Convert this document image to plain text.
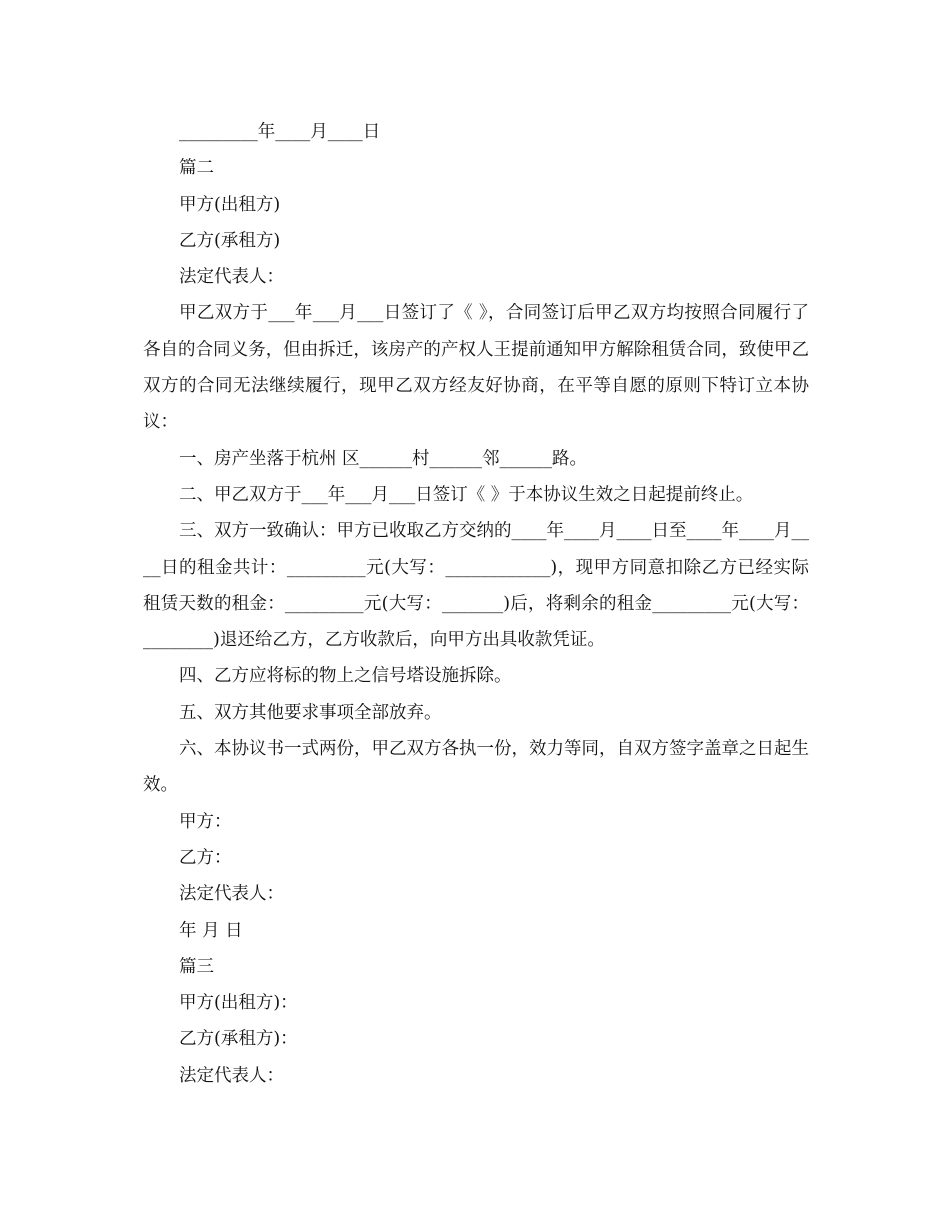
_________年____月____日

篇二

甲方(出租方)

乙方(承租方)

法定代表人：

甲乙双方于___年___月___日签订了《 》，合同签订后甲乙双方均按照合同履行了各自的合同义务，但由拆迁，该房产的产权人王提前通知甲方解除租赁合同，致使甲乙双方的合同无法继续履行，现甲乙双方经友好协商，在平等自愿的原则下特订立本协议：

一、房产坐落于杭州 区______村______邻______路。

二、甲乙双方于___年___月___日签订《 》于本协议生效之日起提前终止。

三、双方一致确认：甲方已收取乙方交纳的____年____月____日至____年____月____日的租金共计：_________元(大写：____________)，现甲方同意扣除乙方已经实际租赁天数的租金：_________元(大写：_______)后，将剩余的租金_________元(大写：________)退还给乙方，乙方收款后，向甲方出具收款凭证。

四、乙方应将标的物上之信号塔设施拆除。

五、双方其他要求事项全部放弃。

六、本协议书一式两份，甲乙双方各执一份，效力等同，自双方签字盖章之日起生效。

甲方：

乙方：

法定代表人：

年 月 日

篇三

甲方(出租方)：

乙方(承租方)：

法定代表人：
